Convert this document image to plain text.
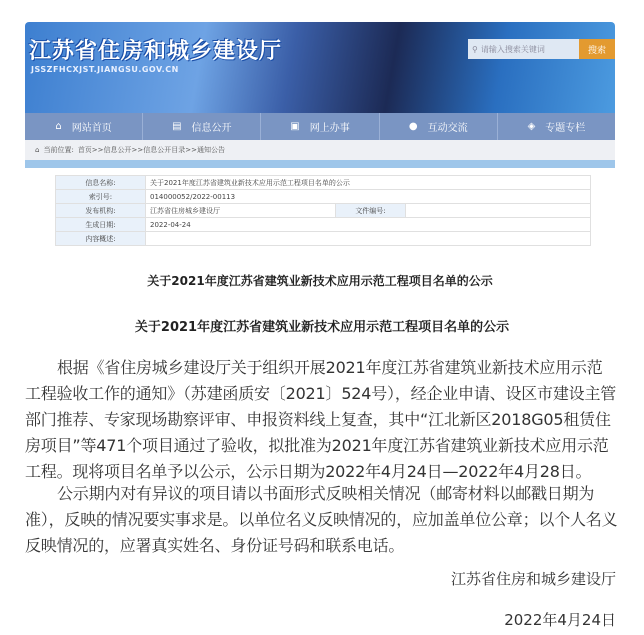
江苏省住房和城乡建设厅
JSSZFHCXJST.JIANGSU.GOV.CN
⚲ 请输入搜索关键词	搜索
⌂ 网站首页	▤ 信息公开	▣ 网上办事	● 互动交流	◈ 专题专栏
⌂ 当前位置: 首页>>信息公开>>信息公开目录>>通知公告
信息名称:	关于2021年度江苏省建筑业新技术应用示范工程项目名单的公示		
索引号:	014000052/2022-00113		
发布机构:	江苏省住房城乡建设厅	文件编号:	
生成日期:	2022-04-24		
内容概述:			
关于2021年度江苏省建筑业新技术应用示范工程项目名单的公示
关于2021年度江苏省建筑业新技术应用示范工程项目名单的公示
根据《省住房城乡建设厅关于组织开展2021年度江苏省建筑业新技术应用示范工程验收工作的通知》（苏建函质安〔2021〕524号），经企业申请、设区市建设主管部门推荐、专家现场勘察评审、申报资料线上复查，其中“江北新区2018G05租赁住房项目”等471个项目通过了验收，拟批准为2021年度江苏省建筑业新技术应用示范工程。现将项目名单予以公示，公示日期为2022年4月24日—2022年4月28日。
公示期内对有异议的项目请以书面形式反映相关情况（邮寄材料以邮戳日期为准），反映的情况要实事求是。以单位名义反映情况的，应加盖单位公章；以个人名义反映情况的，应署真实姓名、身份证号码和联系电话。
江苏省住房和城乡建设厅
2022年4月24日
